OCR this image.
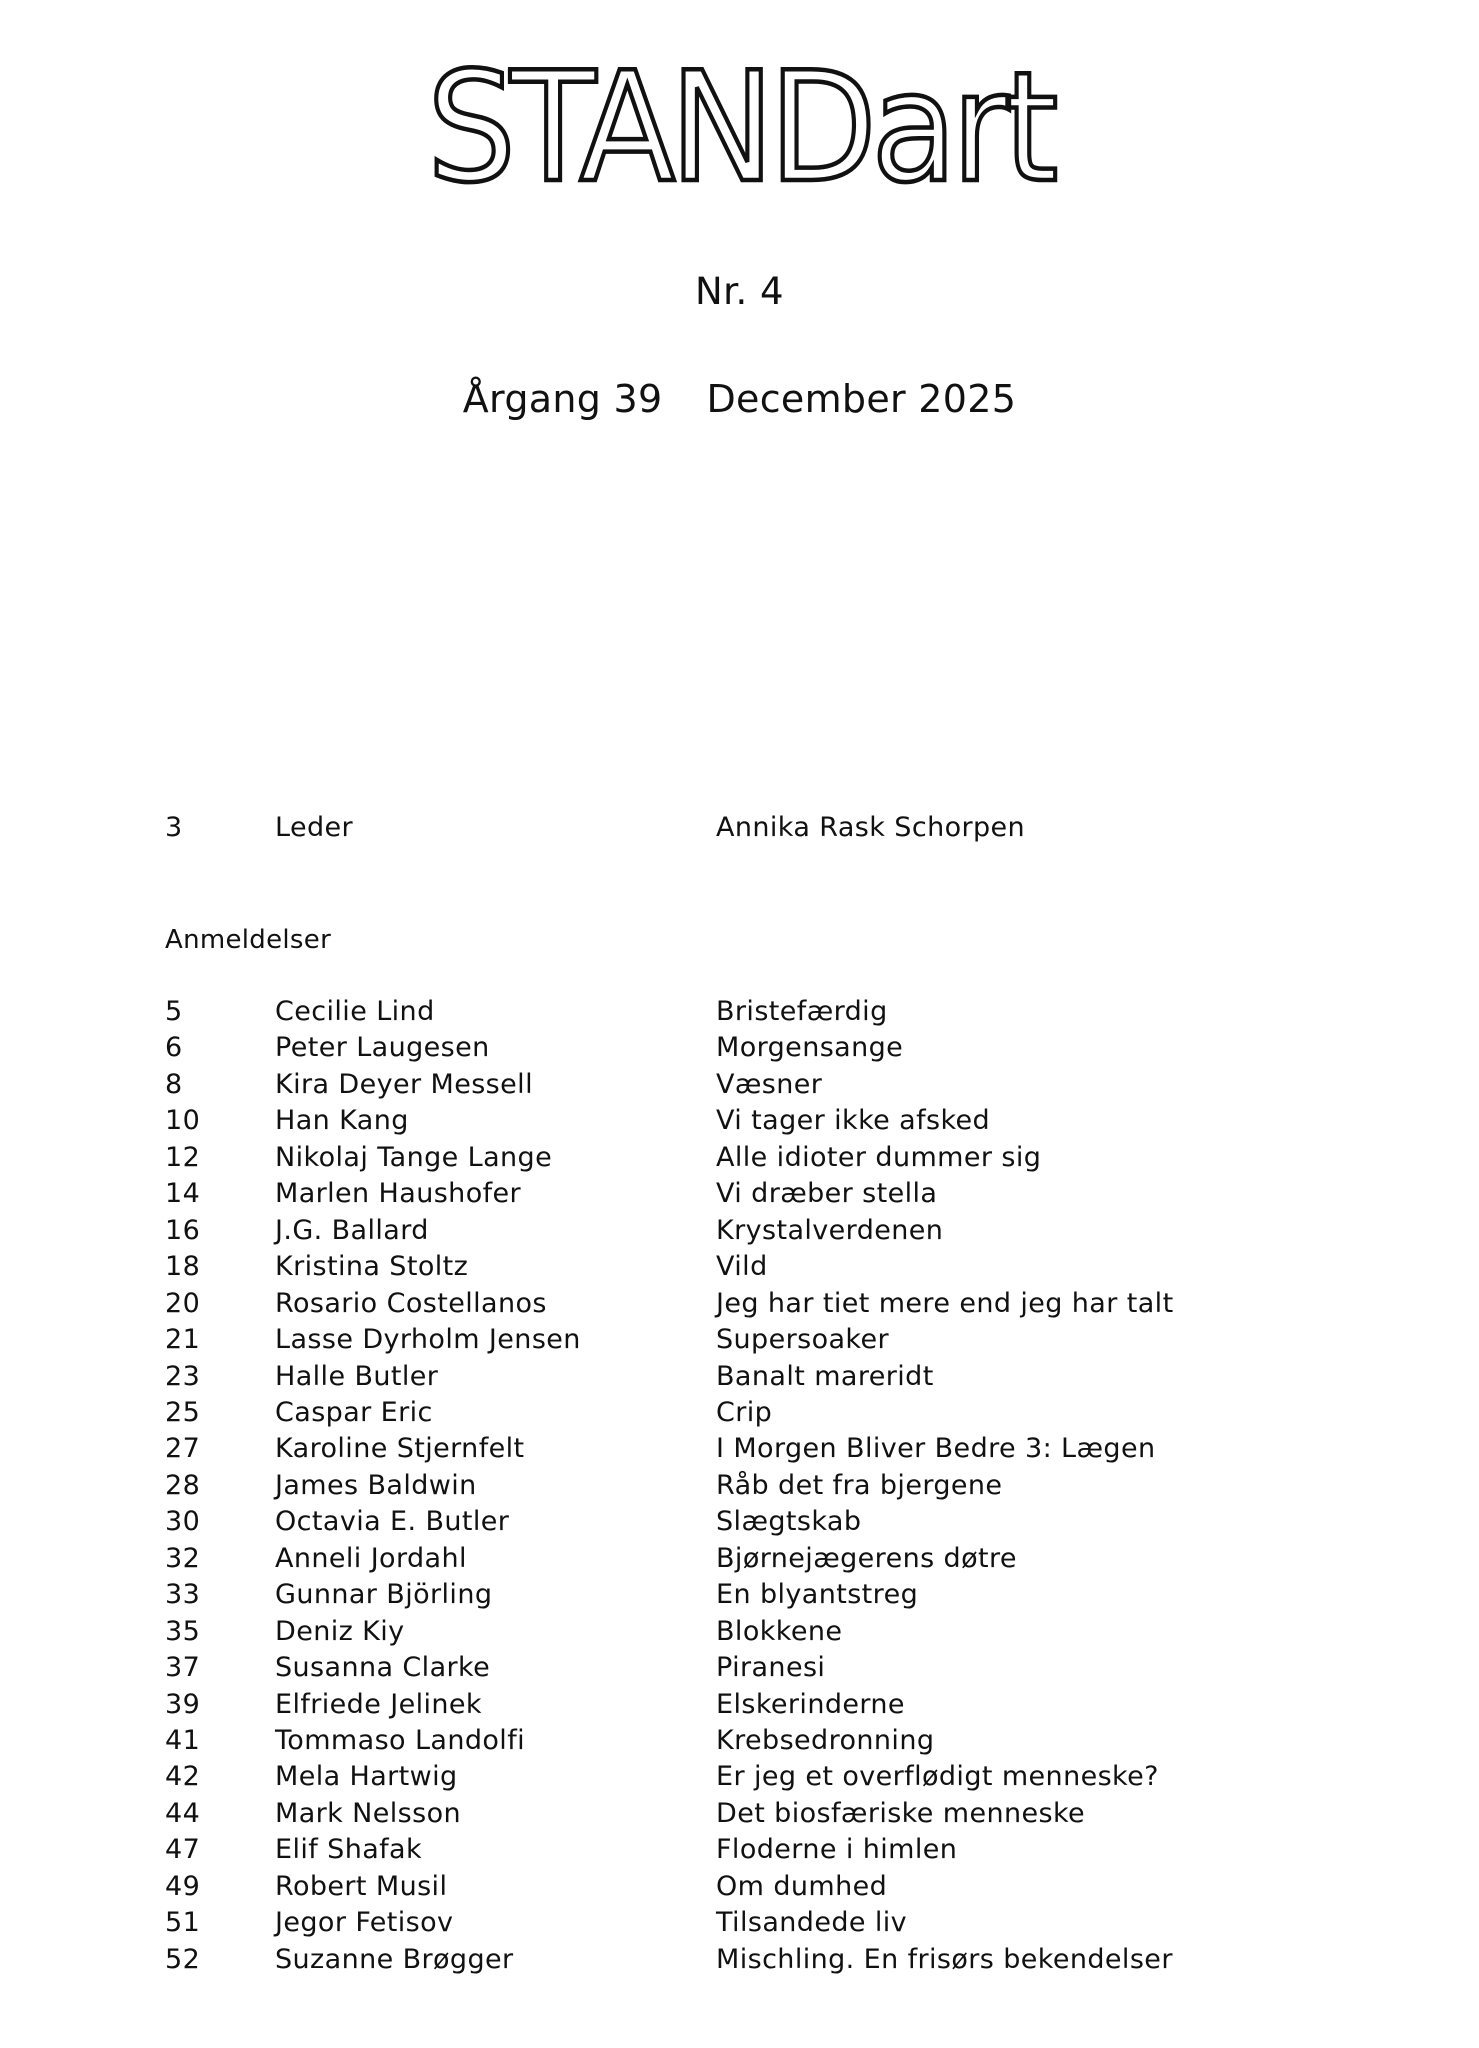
STANDart
Nr. 4
Årgang 39 December 2025
3	Leder	Annika Rask Schorpen
Anmeldelser
5	Cecilie Lind	Bristefærdig
6	Peter Laugesen	Morgensange
8	Kira Deyer Messell	Væsner
10	Han Kang	Vi tager ikke afsked
12	Nikolaj Tange Lange	Alle idioter dummer sig
14	Marlen Haushofer	Vi dræber stella
16	J.G. Ballard	Krystalverdenen
18	Kristina Stoltz	Vild
20	Rosario Costellanos	Jeg har tiet mere end jeg har talt
21	Lasse Dyrholm Jensen	Supersoaker
23	Halle Butler	Banalt mareridt
25	Caspar Eric	Crip
27	Karoline Stjernfelt	I Morgen Bliver Bedre 3: Lægen
28	James Baldwin	Råb det fra bjergene
30	Octavia E. Butler	Slægtskab
32	Anneli Jordahl	Bjørnejægerens døtre
33	Gunnar Björling	En blyantstreg
35	Deniz Kiy	Blokkene
37	Susanna Clarke	Piranesi
39	Elfriede Jelinek	Elskerinderne
41	Tommaso Landolfi	Krebsedronning
42	Mela Hartwig	Er jeg et overflødigt menneske?
44	Mark Nelsson	Det biosfæriske menneske
47	Elif Shafak	Floderne i himlen
49	Robert Musil	Om dumhed
51	Jegor Fetisov	Tilsandede liv
52	Suzanne Brøgger	Mischling. En frisørs bekendelser
